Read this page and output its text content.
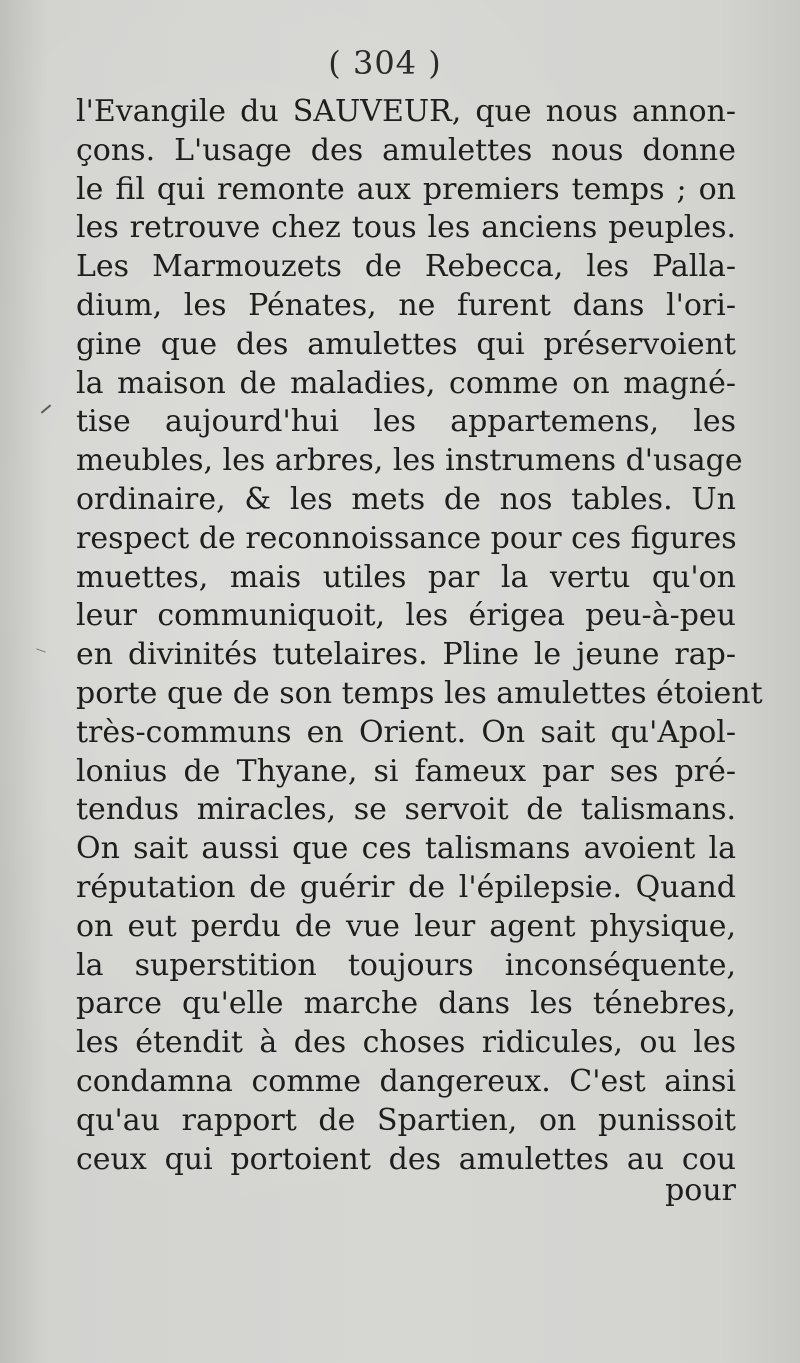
( 304 )
l'Evangile du SAUVEUR, que nous annon-
çons. L'usage des amulettes nous donne
le fil qui remonte aux premiers temps ; on
les retrouve chez tous les anciens peuples.
Les Marmouzets de Rebecca, les Palla-
dium, les Pénates, ne furent dans l'ori-
gine que des amulettes qui préservoient
la maison de maladies, comme on magné-
tise aujourd'hui les appartemens, les
meubles, les arbres, les instrumens d'usage
ordinaire, & les mets de nos tables. Un
respect de reconnoissance pour ces figures
muettes, mais utiles par la vertu qu'on
leur communiquoit, les érigea peu-à-peu
en divinités tutelaires. Pline le jeune rap-
porte que de son temps les amulettes étoient
très-communs en Orient. On sait qu'Apol-
lonius de Thyane, si fameux par ses pré-
tendus miracles, se servoit de talismans.
On sait aussi que ces talismans avoient la
réputation de guérir de l'épilepsie. Quand
on eut perdu de vue leur agent physique,
la superstition toujours inconséquente,
parce qu'elle marche dans les ténebres,
les étendit à des choses ridicules, ou les
condamna comme dangereux. C'est ainsi
qu'au rapport de Spartien, on punissoit
ceux qui portoient des amulettes au cou
pour
